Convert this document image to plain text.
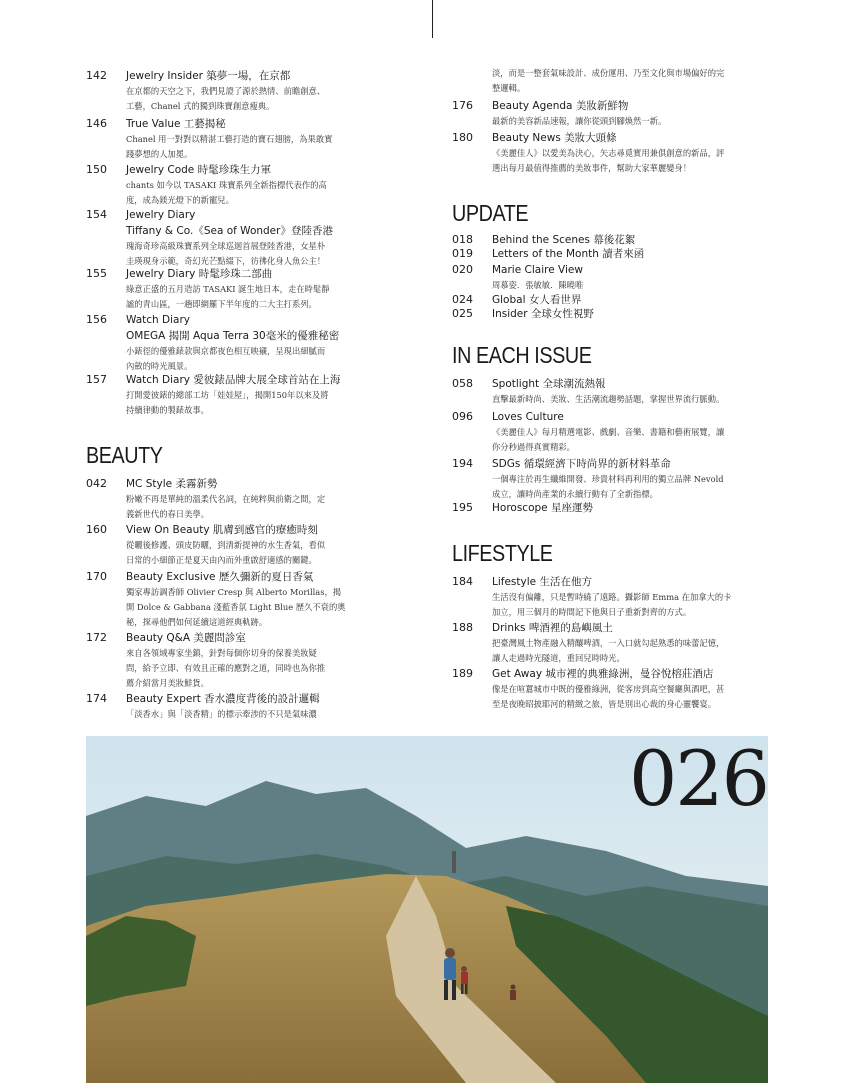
142 Jewelry Insider 築夢一場，在京都
在京都的天空之下，我們見證了源於熱情、前瞻創意、
工藝，Chanel 式的獨到珠寶創意瘦典。
146 True Value 工藝揭秘
Chanel 用一對對以精湛工藝打造的寶石翅膀，為果敢實
踐夢想的人加冕。
150 Jewelry Code 時髦珍珠生力軍
chants 如今以 TASAKI 珠寶系列全新指標代表作的高
度，成為鎂光燈下的新寵兒。
154 Jewelry Diary
Tiffany & Co.《Sea of Wonder》登陸香港
瑰海奇珍高級珠寶系列全球巡迴首展登陸香港，女星朴
圭瑛現身示範，奇幻光芒點綴下，彷彿化身人魚公主！
155 Jewelry Diary 時髦珍珠二部曲
綠意正盛的五月造訪 TASAKI 誕生地日本，走在時髦靜
謐的青山區，一趟即網羅下半年度的二大主打系列。
156 Watch Diary
OMEGA 揭開 Aqua Terra 30毫米的優雅秘密
小錶徑的優雅錶款與京都夜色相互映襯，呈現出細膩而
內斂的時光風景。
157 Watch Diary 愛彼錶品牌大展全球首站在上海
打開愛彼錶的總部工坊「娃娃屋」，揭開150年以來及將
持續律動的製錶故事。
BEAUTY
042 MC Style 柔霧新勢
粉嫩不再是單純的溫柔代名詞，在純粹與前衛之間，定
義新世代的春日美學。
160 View On Beauty 肌膚到感官的療癒時刻
從曬後修護、頭皮防曬，到清新提神的水生香氣，看似
日常的小細節正是夏天由內而外重啟舒適感的關鍵。
170 Beauty Exclusive 歷久彌新的夏日香氣
獨家專訪調香師 Olivier Cresp 與 Alberto Morillas，揭
開 Dolce & Gabbana 淺藍香氛 Light Blue 歷久不衰的奧
秘，探尋他們如何延續這道經典軌跡。
172 Beauty Q&A 美麗問診室
來自各領域專家坐鎮，針對每個你切身的保養美妝疑
問，給予立即、有效且正確的應對之道，同時也為你推
薦介紹當月美妝鮮貨。
174 Beauty Expert 香水濃度背後的設計邏輯
「淡香水」與「淡香精」的標示牽涉的不只是氣味濃
淡，而是一整套氣味設計、成份運用、乃至文化與市場偏好的完
整邏輯。
176 Beauty Agenda 美妝新鮮物
最新的美容新品速報，讓你從頭到腳煥然一新。
180 Beauty News 美妝大頭條
《美麗佳人》以愛美為決心，矢志尋覓實用兼俱創意的新品，評
選出每月最值得推薦的美妝事件，幫助大家華麗變身！
UPDATE
018 Behind the Scenes 幕後花絮
019 Letters of the Month 讀者來函
020 Marie Claire View
周慕姿．張敏敏．陳曉唯
024 Global 女人看世界
025 Insider 全球女性視野
IN EACH ISSUE
058 Spotlight 全球潮流熱報
直擊最新時尚、美妝、生活潮流趨勢話題，掌握世界流行脈動。
096 Loves Culture
《美麗佳人》每月精選電影、戲劇、音樂、書籍和藝術展覽，讓
你分秒過得真實精彩。
194 SDGs 循環經濟下時尚界的新材料革命
一個專注於再生纖維開發、珍貴材料再利用的獨立品牌 Nevold
成立，讓時尚產業的永續行動有了全新指標。
195 Horoscope 星座運勢
LIFESTYLE
184 Lifestyle 生活在他方
生活沒有偏離，只是暫時繞了遠路。攝影師 Emma 在加拿大的卡
加立，用三個月的時間記下他與日子重新對齊的方式。
188 Drinks 啤酒裡的島嶼風土
把臺灣風土物產融入精釀啤酒，一入口就勾起熟悉的味蕾記憶，
讓人走過時光隧道，重回兒時時光。
189 Get Away 城市裡的典雅綠洲，曼谷悅榕莊酒店
像是在喧囂城市中既的優雅綠洲，從客房到高空餐廳與酒吧，甚
至是夜晚昭披耶河的精緻之旅，皆是別出心裁的身心靈饗宴。
026
